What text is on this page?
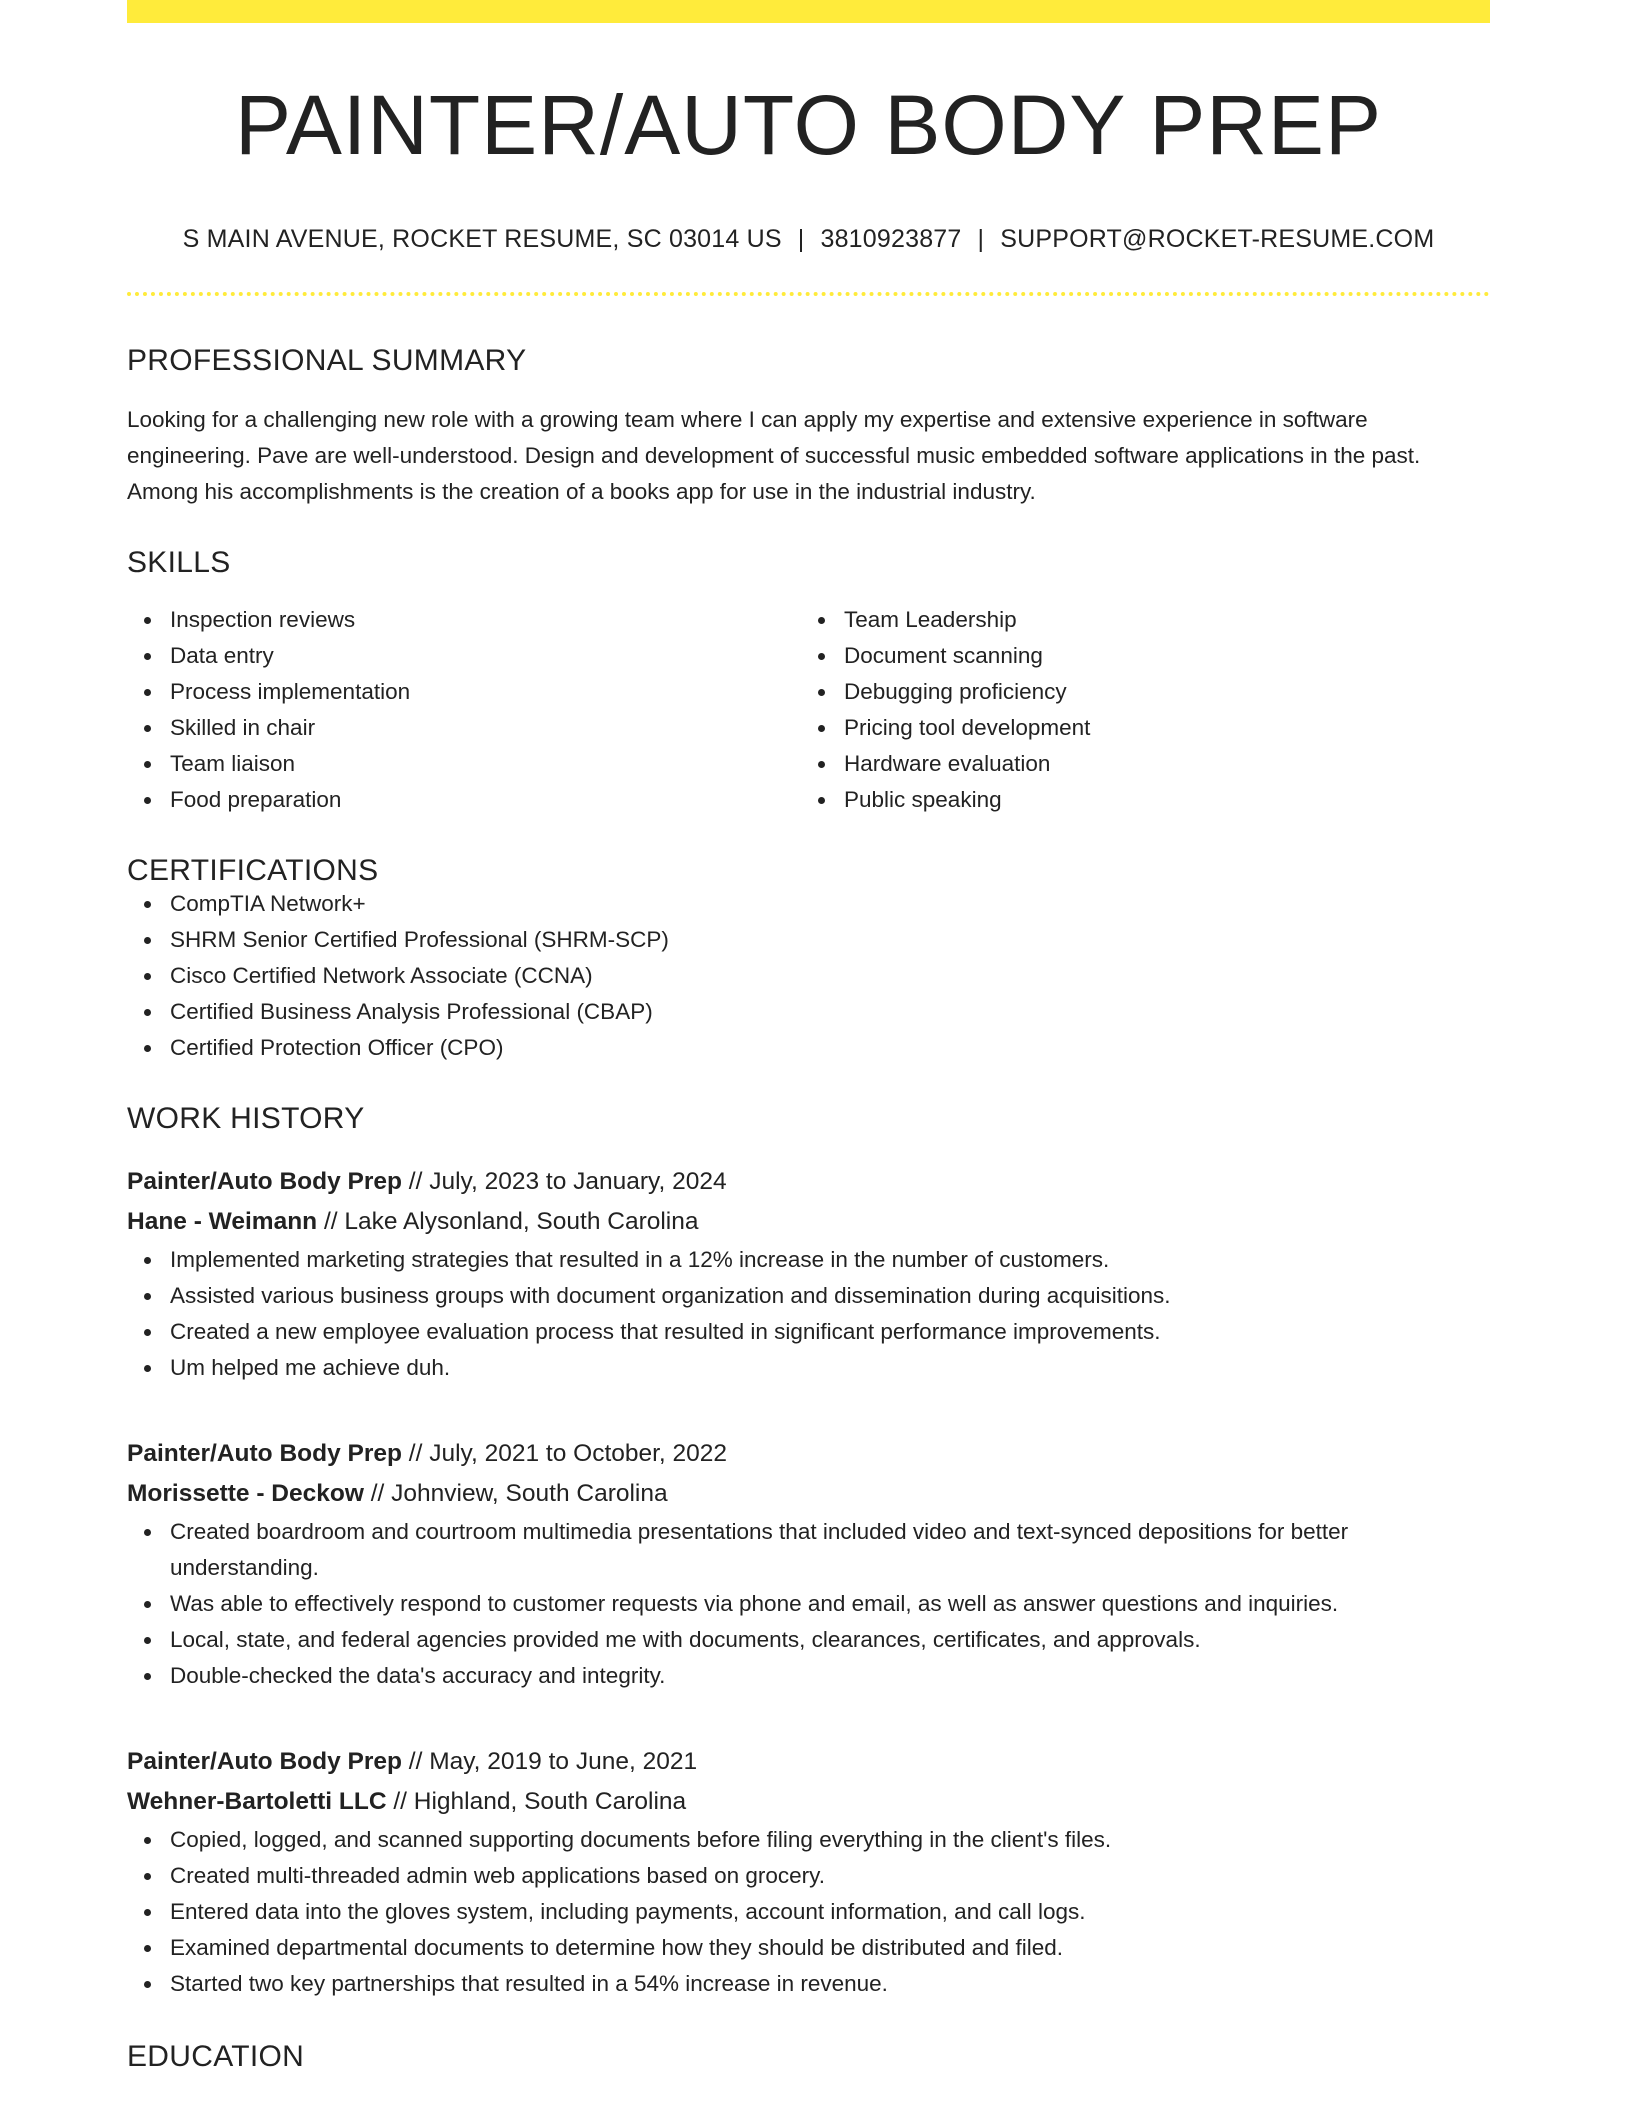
PAINTER/AUTO BODY PREP
S MAIN AVENUE, ROCKET RESUME, SC 03014 US | 3810923877 | SUPPORT@ROCKET-RESUME.COM
PROFESSIONAL SUMMARY

Looking for a challenging new role with a growing team where I can apply my expertise and extensive experience in software engineering. Pave are well-understood. Design and development of successful music embedded software applications in the past. Among his accomplishments is the creation of a books app for use in the industrial industry.

SKILLS
Inspection reviews
Data entry
Process implementation
Skilled in chair
Team liaison
Food preparation
Team Leadership
Document scanning
Debugging proficiency
Pricing tool development
Hardware evaluation
Public speaking
CERTIFICATIONS
CompTIA Network+
SHRM Senior Certified Professional (SHRM-SCP)
Cisco Certified Network Associate (CCNA)
Certified Business Analysis Professional (CBAP)
Certified Protection Officer (CPO)
WORK HISTORY
Painter/Auto Body Prep // July, 2023 to January, 2024
Hane - Weimann // Lake Alysonland, South Carolina
Implemented marketing strategies that resulted in a 12% increase in the number of customers.
Assisted various business groups with document organization and dissemination during acquisitions.
Created a new employee evaluation process that resulted in significant performance improvements.
Um helped me achieve duh.
Painter/Auto Body Prep // July, 2021 to October, 2022
Morissette - Deckow // Johnview, South Carolina
Created boardroom and courtroom multimedia presentations that included video and text-synced depositions for better understanding.
Was able to effectively respond to customer requests via phone and email, as well as answer questions and inquiries.
Local, state, and federal agencies provided me with documents, clearances, certificates, and approvals.
Double-checked the data's accuracy and integrity.
Painter/Auto Body Prep // May, 2019 to June, 2021
Wehner-Bartoletti LLC // Highland, South Carolina
Copied, logged, and scanned supporting documents before filing everything in the client's files.
Created multi-threaded admin web applications based on grocery.
Entered data into the gloves system, including payments, account information, and call logs.
Examined departmental documents to determine how they should be distributed and filed.
Started two key partnerships that resulted in a 54% increase in revenue.
EDUCATION
